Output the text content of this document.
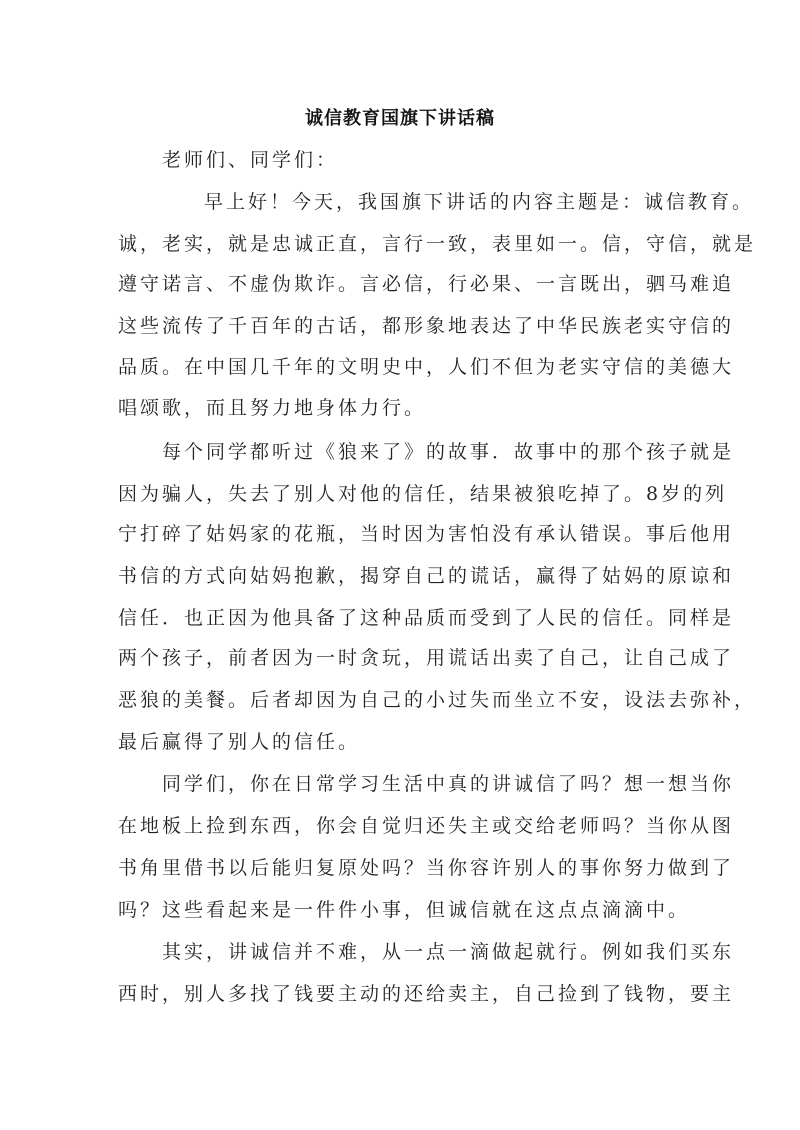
诚信教育国旗下讲话稿
老师们、同学们：
早上好！今天，我国旗下讲话的内容主题是：诚信教育。
诚，老实，就是忠诚正直，言行一致，表里如一。信，守信，就是
遵守诺言、不虚伪欺诈。言必信，行必果、一言既出，驷马难追
这些流传了千百年的古话，都形象地表达了中华民族老实守信的
品质。在中国几千年的文明史中，人们不但为老实守信的美德大
唱颂歌，而且努力地身体力行。
每个同学都听过《狼来了》的故事．故事中的那个孩子就是
因为骗人，失去了别人对他的信任，结果被狼吃掉了。8岁的列
宁打碎了姑妈家的花瓶，当时因为害怕没有承认错误。事后他用
书信的方式向姑妈抱歉，揭穿自己的谎话，赢得了姑妈的原谅和
信任．也正因为他具备了这种品质而受到了人民的信任。同样是
两个孩子，前者因为一时贪玩，用谎话出卖了自己，让自己成了
恶狼的美餐。后者却因为自己的小过失而坐立不安，设法去弥补，
最后赢得了别人的信任。
同学们，你在日常学习生活中真的讲诚信了吗？想一想当你
在地板上捡到东西，你会自觉归还失主或交给老师吗？当你从图
书角里借书以后能归复原处吗？当你容许别人的事你努力做到了
吗？这些看起来是一件件小事，但诚信就在这点点滴滴中。
其实，讲诚信并不难，从一点一滴做起就行。例如我们买东
西时，别人多找了钱要主动的还给卖主，自己捡到了钱物，要主
